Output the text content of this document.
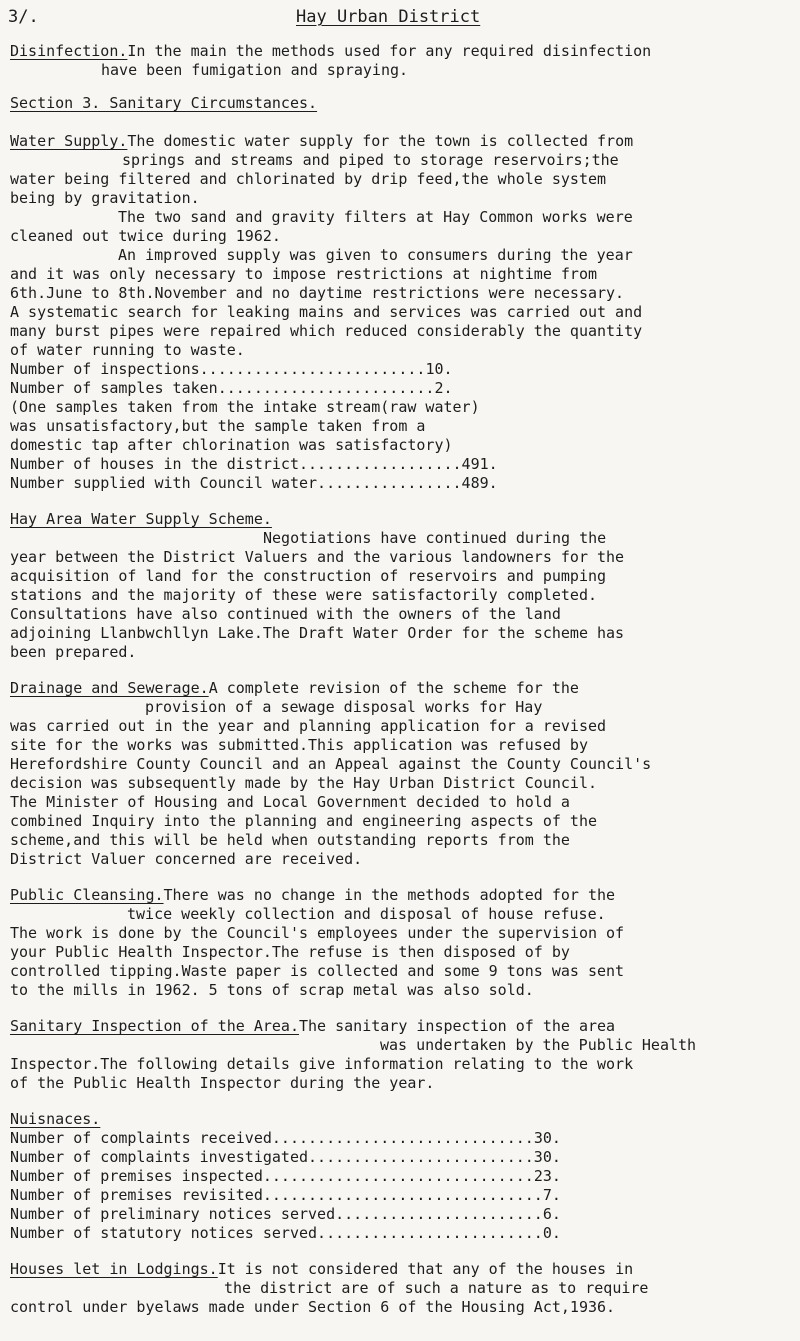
3/.	Hay Urban District
Disinfection.In the main the methods used for any required disinfection
have been fumigation and spraying.
Section 3. Sanitary Circumstances.
Water Supply.The domestic water supply for the town is collected from
springs and streams and piped to storage reservoirs;the
water being filtered and chlorinated by drip feed,the whole system
being by gravitation.
The two sand and gravity filters at Hay Common works were
cleaned out twice during 1962.
An improved supply was given to consumers during the year
and it was only necessary to impose restrictions at nightime from
6th.June to 8th.November and no daytime restrictions were necessary.
A systematic search for leaking mains and services was carried out and
many burst pipes were repaired which reduced considerably the quantity
of water running to waste.
Number of inspections.........................10.
Number of samples taken........................2.
(One samples taken from the intake stream(raw water)
was unsatisfactory,but the sample taken from a
domestic tap after chlorination was satisfactory)
Number of houses in the district..................491.
Number supplied with Council water................489.
Hay Area Water Supply Scheme.
Negotiations have continued during the
year between the District Valuers and the various landowners for the
acquisition of land for the construction of reservoirs and pumping
stations and the majority of these were satisfactorily completed.
Consultations have also continued with the owners of the land
adjoining Llanbwchllyn Lake.The Draft Water Order for the scheme has
been prepared.
Drainage and Sewerage.A complete revision of the scheme for the
provision of a sewage disposal works for Hay
was carried out in the year and planning application for a revised
site for the works was submitted.This application was refused by
Herefordshire County Council and an Appeal against the County Council's
decision was subsequently made by the Hay Urban District Council.
The Minister of Housing and Local Government decided to hold a
combined Inquiry into the planning and engineering aspects of the
scheme,and this will be held when outstanding reports from the
District Valuer concerned are received.
Public Cleansing.There was no change in the methods adopted for the
twice weekly collection and disposal of house refuse.
The work is done by the Council's employees under the supervision of
your Public Health Inspector.The refuse is then disposed of by
controlled tipping.Waste paper is collected and some 9 tons was sent
to the mills in 1962. 5 tons of scrap metal was also sold.
Sanitary Inspection of the Area.The sanitary inspection of the area
was undertaken by the Public Health
Inspector.The following details give information relating to the work
of the Public Health Inspector during the year.
Nuisnaces.
Number of complaints received.............................30.
Number of complaints investigated.........................30.
Number of premises inspected..............................23.
Number of premises revisited...............................7.
Number of preliminary notices served.......................6.
Number of statutory notices served.........................0.
Houses let in Lodgings.It is not considered that any of the houses in
the district are of such a nature as to require
control under byelaws made under Section 6 of the Housing Act,1936.
